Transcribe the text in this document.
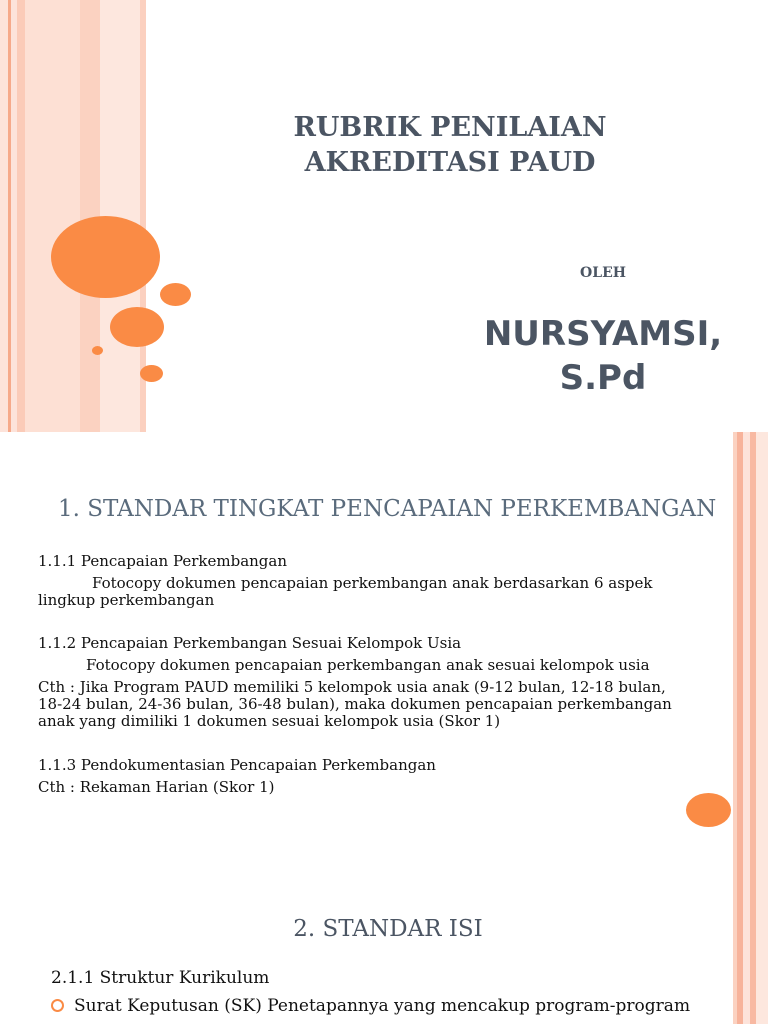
RUBRIK PENILAIAN
AKREDITASI PAUD
OLEH
NURSYAMSI,
S.Pd
1. STANDAR TINGKAT PENCAPAIAN PERKEMBANGAN
1.1.1 Pencapaian Perkembangan
Fotocopy dokumen pencapaian perkembangan anak berdasarkan 6 aspek
lingkup perkembangan
1.1.2 Pencapaian Perkembangan Sesuai Kelompok Usia
Fotocopy dokumen pencapaian perkembangan anak sesuai kelompok usia
Cth : Jika Program PAUD memiliki 5 kelompok usia anak (9-12 bulan, 12-18 bulan,
18-24 bulan, 24-36 bulan, 36-48 bulan), maka dokumen pencapaian perkembangan
anak yang dimiliki 1 dokumen sesuai kelompok usia (Skor 1)
1.1.3 Pendokumentasian Pencapaian Perkembangan
Cth : Rekaman Harian (Skor 1)
2. STANDAR ISI
2.1.1 Struktur Kurikulum
Surat Keputusan (SK) Penetapannya yang mencakup program-program
